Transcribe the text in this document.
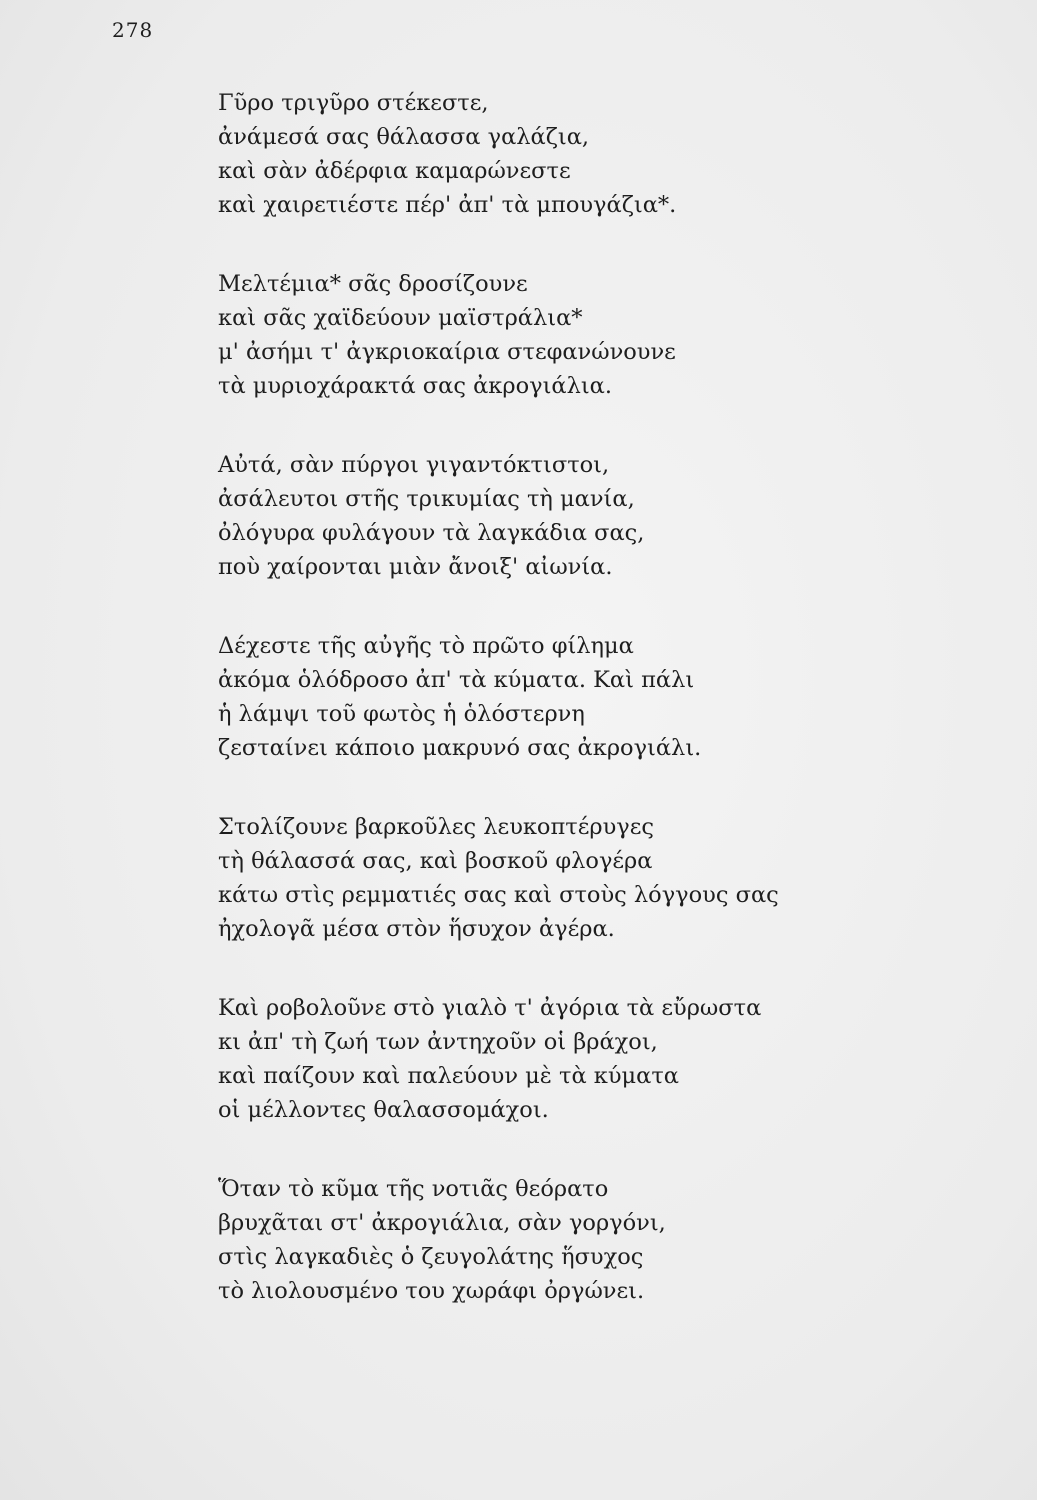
278
Γῦρο τριγῦρο στέκεστε,
ἀνάμεσά σας θάλασσα γαλάζια,
καὶ σὰν ἀδέρφια καμαρώνεστε
καὶ χαιρετιέστε πέρ' ἀπ' τὰ μπουγάζια*.
Μελτέμια* σᾶς δροσίζουνε
καὶ σᾶς χαϊδεύουν μαϊστράλια*
μ' ἀσήμι τ' ἀγκριοκαίρια στεφανώνουνε
τὰ μυριοχάρακτά σας ἀκρογιάλια.
Αὐτά, σὰν πύργοι γιγαντόκτιστοι,
ἀσάλευτοι στῆς τρικυμίας τὴ μανία,
ὀλόγυρα φυλάγουν τὰ λαγκάδια σας,
ποὺ χαίρονται μιὰν ἄνοιξ' αἰωνία.
Δέχεστε τῆς αὐγῆς τὸ πρῶτο φίλημα
ἀκόμα ὁλόδροσο ἀπ' τὰ κύματα. Καὶ πάλι
ἡ λάμψι τοῦ φωτὸς ἡ ὁλόστερνη
ζεσταίνει κάποιο μακρυνό σας ἀκρογιάλι.
Στολίζουνε βαρκοῦλες λευκοπτέρυγες
τὴ θάλασσά σας, καὶ βοσκοῦ φλογέρα
κάτω στὶς ρεμματιές σας καὶ στοὺς λόγγους σας
ἠχολογᾶ μέσα στὸν ἥσυχον ἀγέρα.
Καὶ ροβολοῦνε στὸ γιαλὸ τ' ἀγόρια τὰ εὔρωστα
κι ἀπ' τὴ ζωή των ἀντηχοῦν οἱ βράχοι,
καὶ παίζουν καὶ παλεύουν μὲ τὰ κύματα
οἱ μέλλοντες θαλασσομάχοι.
Ὅταν τὸ κῦμα τῆς νοτιᾶς θεόρατο
βρυχᾶται στ' ἀκρογιάλια, σὰν γοργόνι,
στὶς λαγκαδιὲς ὁ ζευγολάτης ἥσυχος
τὸ λιολουσμένο του χωράφι ὀργώνει.
